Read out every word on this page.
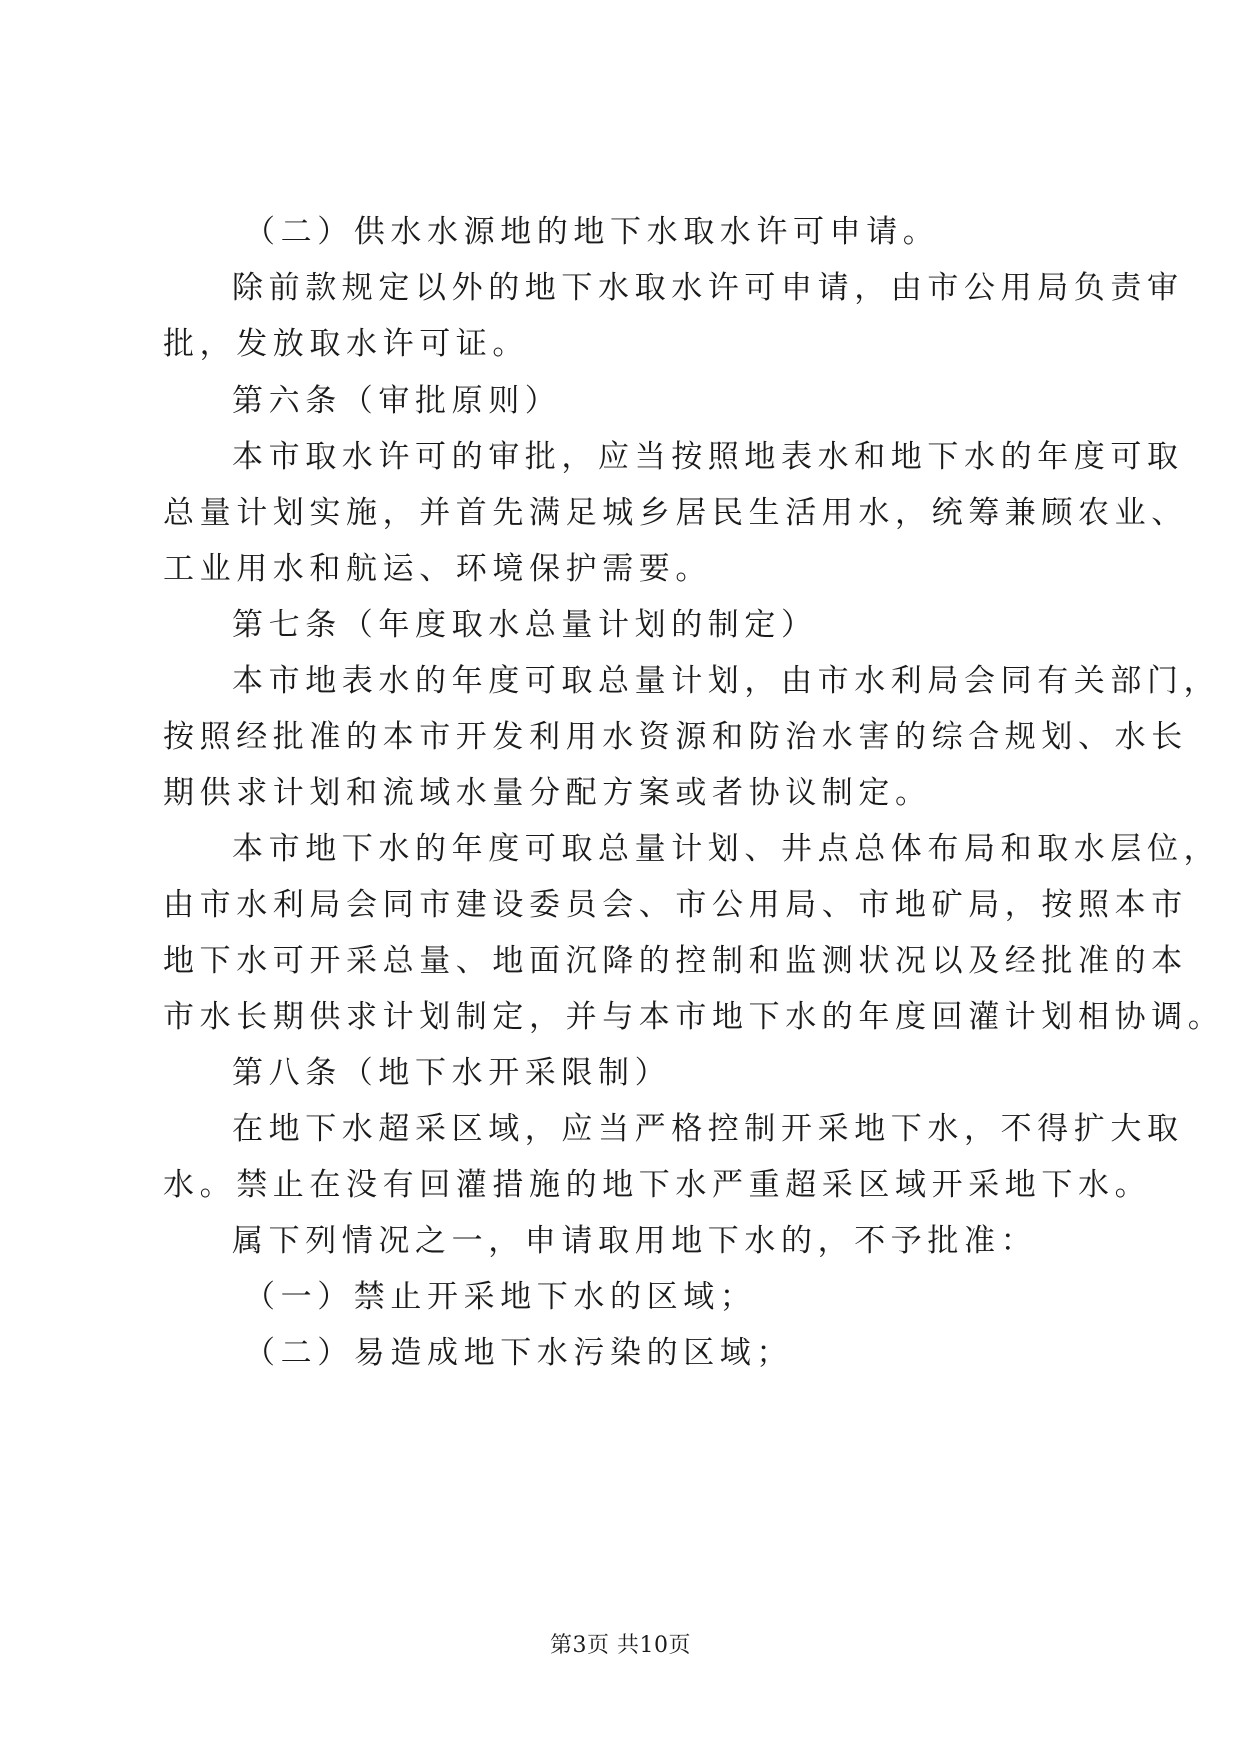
（二）供水水源地的地下水取水许可申请。
除前款规定以外的地下水取水许可申请，由市公用局负责审
批，发放取水许可证。
第六条（审批原则）
本市取水许可的审批，应当按照地表水和地下水的年度可取
总量计划实施，并首先满足城乡居民生活用水，统筹兼顾农业、
工业用水和航运、环境保护需要。
第七条（年度取水总量计划的制定）
本市地表水的年度可取总量计划，由市水利局会同有关部门，
按照经批准的本市开发利用水资源和防治水害的综合规划、水长
期供求计划和流域水量分配方案或者协议制定。
本市地下水的年度可取总量计划、井点总体布局和取水层位，
由市水利局会同市建设委员会、市公用局、市地矿局，按照本市
地下水可开采总量、地面沉降的控制和监测状况以及经批准的本
市水长期供求计划制定，并与本市地下水的年度回灌计划相协调。
第八条（地下水开采限制）
在地下水超采区域，应当严格控制开采地下水，不得扩大取
水。禁止在没有回灌措施的地下水严重超采区域开采地下水。
属下列情况之一，申请取用地下水的，不予批准：
（一）禁止开采地下水的区域；
（二）易造成地下水污染的区域；
第3页 共10页
